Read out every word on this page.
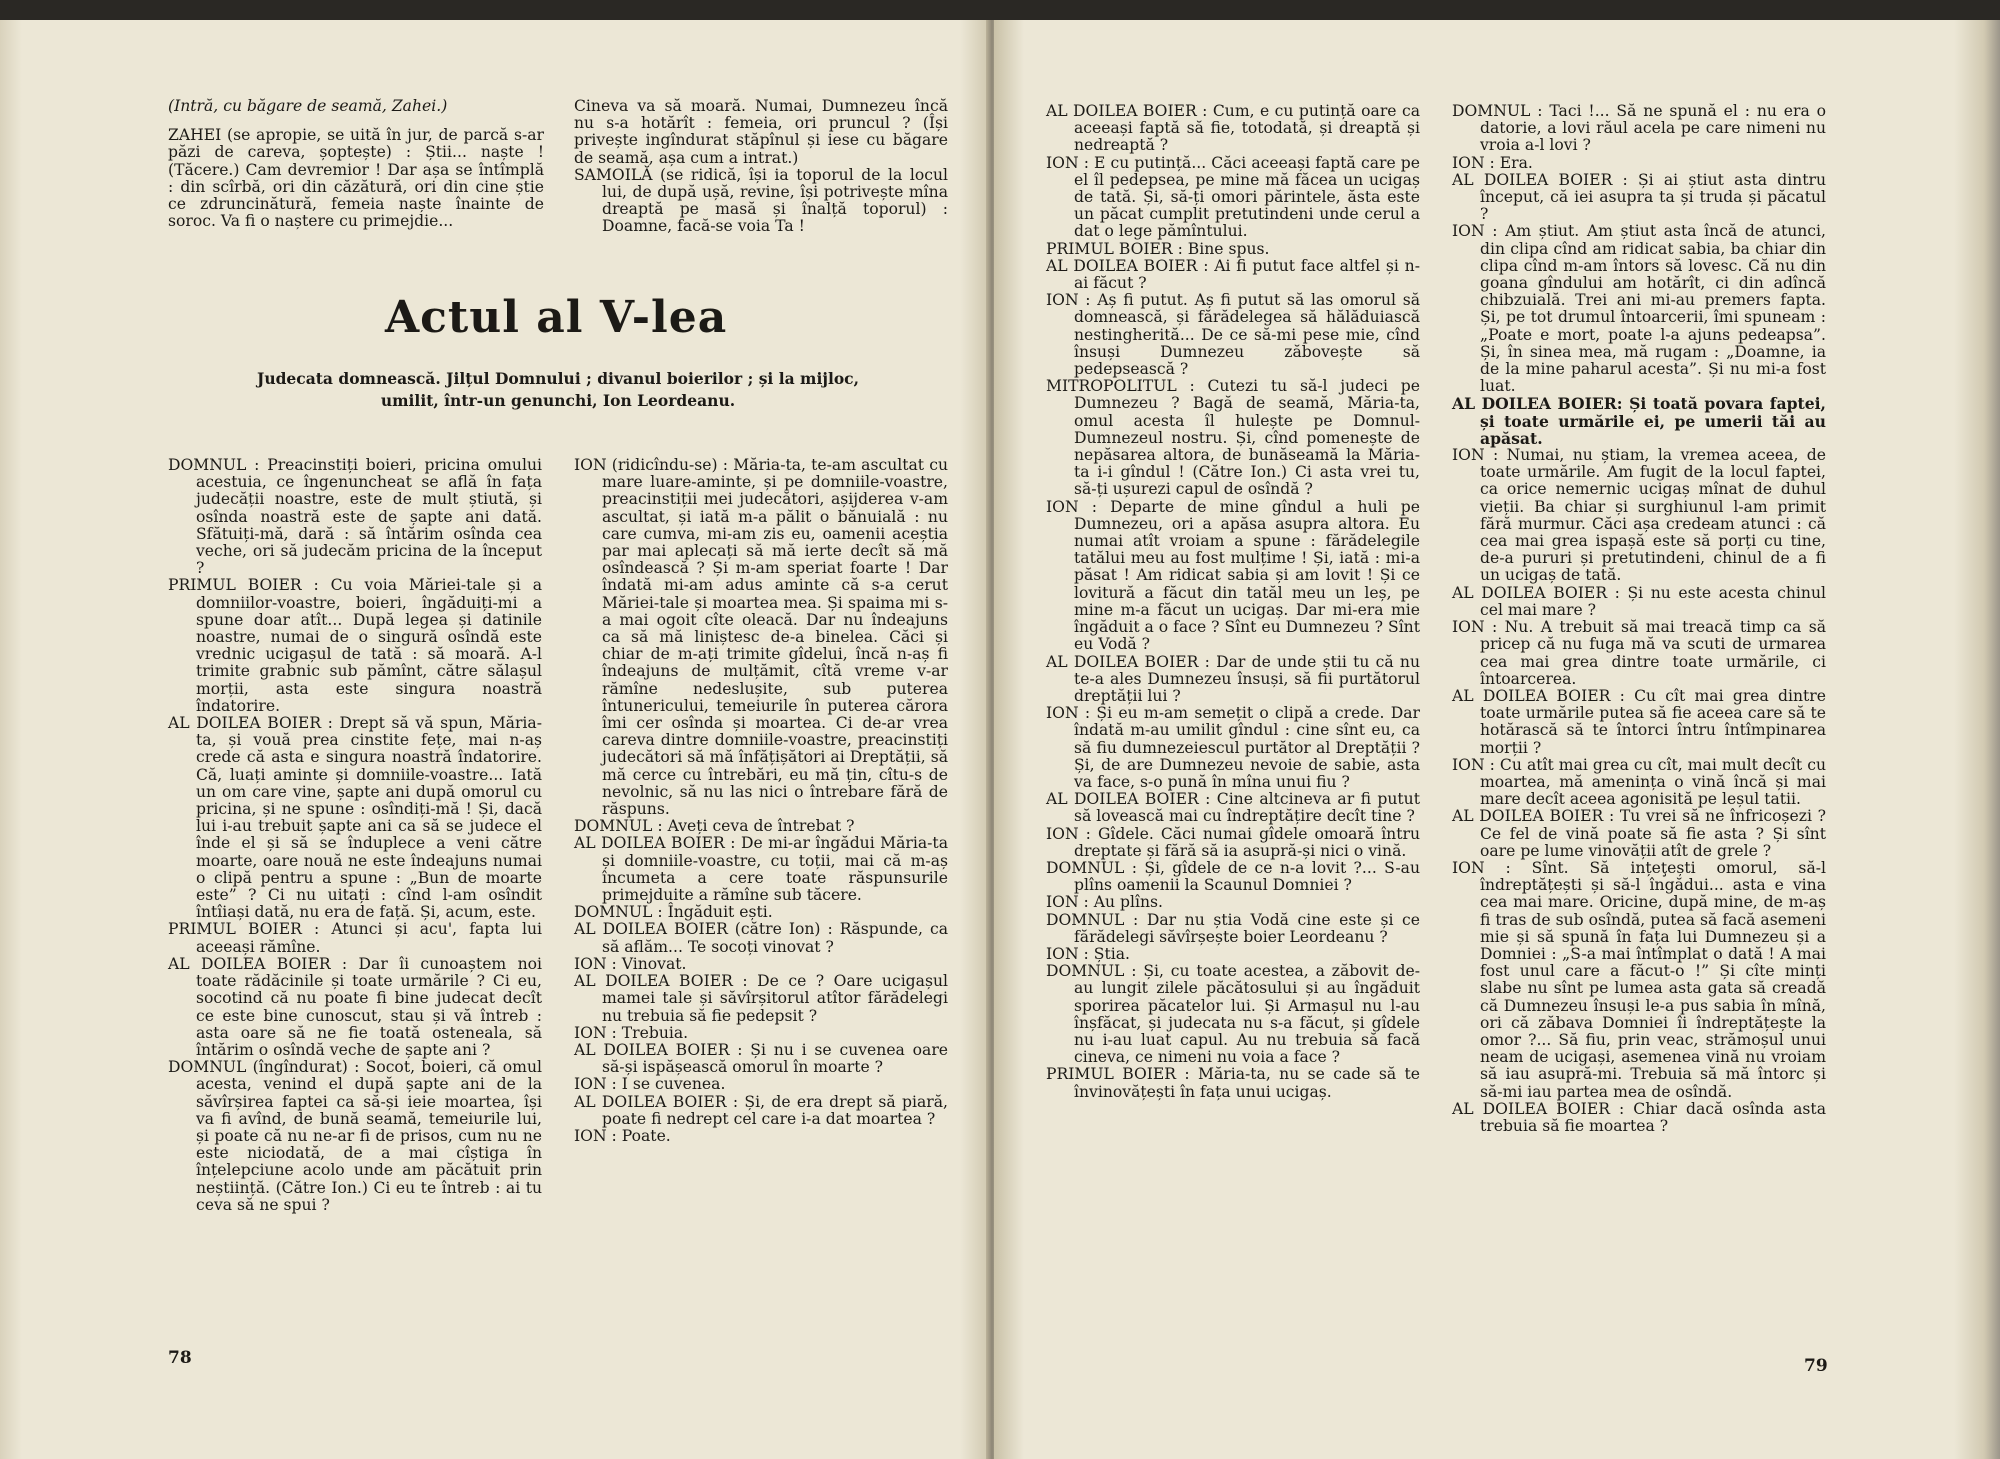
(Intră, cu băgare de seamă, Zahei.)

ZAHEI (se apropie, se uită în jur, de parcă s-ar păzi de careva, șoptește) : Știi... naște ! (Tăcere.) Cam devremior ! Dar așa se întîmplă : din scîrbă, ori din căzătură, ori din cine știe ce zdruncinătură, femeia naște înainte de soroc. Va fi o naștere cu primejdie...

Cineva va să moară. Numai, Dumnezeu încă nu s-a hotărît : femeia, ori pruncul ? (Își privește ingîndurat stăpînul și iese cu băgare de seamă, așa cum a intrat.)

SAMOILĂ (se ridică, își ia toporul de la locul lui, de după ușă, revine, își potrivește mîna dreaptă pe masă și înalță toporul) : Doamne, facă-se voia Ta !

Actul al V-lea
Judecata domnească. Jilțul Domnului ; divanul boierilor ; și la mijloc, umilit, într-un genunchi, Ion Leordeanu.

DOMNUL : Preacinstiți boieri, pricina omului acestuia, ce îngenuncheat se află în fața judecății noastre, este de mult știută, și osînda noastră este de șapte ani dată. Sfătuiți-mă, dară : să întărim osînda cea veche, ori să judecăm pricina de la început ?

PRIMUL BOIER : Cu voia Măriei-tale și a domniilor-voastre, boieri, îngăduiți-mi a spune doar atît... După legea și datinile noastre, numai de o singură osîndă este vrednic ucigașul de tată : să moară. A-l trimite grabnic sub pămînt, către sălașul morții, asta este singura noastră îndatorire.

AL DOILEA BOIER : Drept să vă spun, Măria-ta, și vouă prea cinstite fețe, mai n-aș crede că asta e singura noastră îndatorire. Că, luați aminte și domniile-voastre... Iată un om care vine, șapte ani după omorul cu pricina, și ne spune : osîndiți-mă ! Și, dacă lui i-au trebuit șapte ani ca să se judece el înde el și să se înduplece a veni către moarte, oare nouă ne este îndeajuns numai o clipă pentru a spune : „Bun de moarte este” ? Ci nu uitați : cînd l-am osîndit întîiași dată, nu era de față. Și, acum, este.

PRIMUL BOIER : Atunci și acu', fapta lui aceeași rămîne.

AL DOILEA BOIER : Dar îi cunoaștem noi toate rădăcinile și toate urmările ? Ci eu, socotind că nu poate fi bine judecat decît ce este bine cunoscut, stau și vă întreb : asta oare să ne fie toată osteneala, să întărim o osîndă veche de șapte ani ?

DOMNUL (îngîndurat) : Socot, boieri, că omul acesta, venind el după șapte ani de la săvîrșirea faptei ca să-și ieie moartea, își va fi avînd, de bună seamă, temeiurile lui, și poate că nu ne-ar fi de prisos, cum nu ne este niciodată, de a mai cîștiga în înțelepciune acolo unde am păcătuit prin neștiință. (Către Ion.) Ci eu te întreb : ai tu ceva să ne spui ?

ION (ridicîndu-se) : Măria-ta, te-am ascultat cu mare luare-aminte, și pe domniile-voastre, preacinstiții mei judecători, așijderea v-am ascultat, și iată m-a pălit o bănuială : nu care cumva, mi-am zis eu, oamenii aceștia par mai aplecați să mă ierte decît să mă osîndească ? Și m-am speriat foarte ! Dar îndată mi-am adus aminte că s-a cerut Măriei-tale și moartea mea. Și spaima mi s-a mai ogoit cîte oleacă. Dar nu îndeajuns ca să mă liniștesc de-a binelea. Căci și chiar de m-ați trimite gîdelui, încă n-aș fi îndeajuns de mulțămit, cîtă vreme v-ar rămîne nedeslușite, sub puterea întunericului, temeiurile în puterea cărora îmi cer osînda și moartea. Ci de-ar vrea careva dintre domniile-voastre, preacinstiți judecători să mă înfățișători ai Dreptății, să mă cerce cu întrebări, eu mă țin, cîtu-s de nevolnic, să nu las nici o întrebare fără de răspuns.

DOMNUL : Aveți ceva de întrebat ?

AL DOILEA BOIER : De mi-ar îngădui Măria-ta și domniile-voastre, cu toții, mai că m-aș încumeta a cere toate răspunsurile primejduite a rămîne sub tăcere.

DOMNUL : Îngăduit ești.

AL DOILEA BOIER (către Ion) : Răspunde, ca să aflăm... Te socoți vinovat ?

ION : Vinovat.

AL DOILEA BOIER : De ce ? Oare ucigașul mamei tale și săvîrșitorul atîtor fărădelegi nu trebuia să fie pedepsit ?

ION : Trebuia.

AL DOILEA BOIER : Și nu i se cuvenea oare să-și ispășească omorul în moarte ?

ION : I se cuvenea.

AL DOILEA BOIER : Și, de era drept să piară, poate fi nedrept cel care i-a dat moartea ?

ION : Poate.

78

AL DOILEA BOIER : Cum, e cu putință oare ca aceeași faptă să fie, totodată, și dreaptă și nedreaptă ?

ION : E cu putință... Căci aceeași faptă care pe el îl pedepsea, pe mine mă făcea un ucigaș de tată. Și, să-ți omori părintele, ăsta este un păcat cumplit pretutindeni unde cerul a dat o lege pămîntului.

PRIMUL BOIER : Bine spus.

AL DOILEA BOIER : Ai fi putut face altfel și n-ai făcut ?

ION : Aș fi putut. Aș fi putut să las omorul să domnească, și fărădelegea să hălăduiască nestingherită... De ce să-mi pese mie, cînd însuși Dumnezeu zăbovește să pedepsească ?

MITROPOLITUL : Cutezi tu să-l judeci pe Dumnezeu ? Bagă de seamă, Măria-ta, omul acesta îl hulește pe Domnul-Dumnezeul nostru. Și, cînd pomenește de nepăsarea altora, de bunăseamă la Măria-ta i-i gîndul ! (Către Ion.) Ci asta vrei tu, să-ți ușurezi capul de osîndă ?

ION : Departe de mine gîndul a huli pe Dumnezeu, ori a apăsa asupra altora. Eu numai atît vroiam a spune : fărădelegile tatălui meu au fost mulțime ! Și, iată : mi-a păsat ! Am ridicat sabia și am lovit ! Și ce lovitură a făcut din tatăl meu un leș, pe mine m-a făcut un ucigaș. Dar mi-era mie îngăduit a o face ? Sînt eu Dumnezeu ? Sînt eu Vodă ?

AL DOILEA BOIER : Dar de unde știi tu că nu te-a ales Dumnezeu însuși, să fii purtătorul dreptății lui ?

ION : Și eu m-am semețit o clipă a crede. Dar îndată m-au umilit gîndul : cine sînt eu, ca să fiu dumnezeiescul purtător al Dreptății ? Și, de are Dumnezeu nevoie de sabie, asta va face, s-o pună în mîna unui fiu ?

AL DOILEA BOIER : Cine altcineva ar fi putut să lovească mai cu îndreptățire decît tine ?

ION : Gîdele. Căci numai gîdele omoară întru dreptate și fără să ia asupră-și nici o vină.

DOMNUL : Și, gîdele de ce n-a lovit ?... S-au plîns oamenii la Scaunul Domniei ?

ION : Au plîns.

DOMNUL : Dar nu știa Vodă cine este și ce fărădelegi săvîrșește boier Leordeanu ?

ION : Știa.

DOMNUL : Și, cu toate acestea, a zăbovit de-au lungit zilele păcătosului și au îngăduit sporirea păcatelor lui. Și Armașul nu l-au înșfăcat, și judecata nu s-a făcut, și gîdele nu i-au luat capul. Au nu trebuia să facă cineva, ce nimeni nu voia a face ?

PRIMUL BOIER : Măria-ta, nu se cade să te învinovățești în fața unui ucigaș.

DOMNUL : Taci !... Să ne spună el : nu era o datorie, a lovi răul acela pe care nimeni nu vroia a-l lovi ?

ION : Era.

AL DOILEA BOIER : Și ai știut asta dintru început, că iei asupra ta și truda și păcatul ?

ION : Am știut. Am știut asta încă de atunci, din clipa cînd am ridicat sabia, ba chiar din clipa cînd m-am întors să lovesc. Că nu din goana gîndului am hotărît, ci din adîncă chibzuială. Trei ani mi-au premers fapta. Și, pe tot drumul întoarcerii, îmi spuneam : „Poate e mort, poate l-a ajuns pedeapsa”. Și, în sinea mea, mă rugam : „Doamne, ia de la mine paharul acesta”. Și nu mi-a fost luat.

AL DOILEA BOIER: Și toată povara faptei, și toate urmările ei, pe umerii tăi au apăsat.

ION : Numai, nu știam, la vremea aceea, de toate urmările. Am fugit de la locul faptei, ca orice nemernic ucigaș mînat de duhul vieții. Ba chiar și surghiunul l-am primit fără murmur. Căci așa credeam atunci : că cea mai grea ispașă este să porți cu tine, de-a pururi și pretutindeni, chinul de a fi un ucigaș de tată.

AL DOILEA BOIER : Și nu este acesta chinul cel mai mare ?

ION : Nu. A trebuit să mai treacă timp ca să pricep că nu fuga mă va scuti de urmarea cea mai grea dintre toate urmările, ci întoarcerea.

AL DOILEA BOIER : Cu cît mai grea dintre toate urmările putea să fie aceea care să te hotărască să te întorci întru întîmpinarea morții ?

ION : Cu atît mai grea cu cît, mai mult decît cu moartea, mă amenința o vină încă și mai mare decît aceea agonisită pe leșul tatii.

AL DOILEA BOIER : Tu vrei să ne înfricoșezi ? Ce fel de vină poate să fie asta ? Și sînt oare pe lume vinovății atît de grele ?

ION : Sînt. Să ințeţești omorul, să-l îndreptățești și să-l îngădui... asta e vina cea mai mare. Oricine, după mine, de m-aș fi tras de sub osîndă, putea să facă asemeni mie și să spună în fața lui Dumnezeu și a Domniei : „S-a mai întîmplat o dată ! A mai fost unul care a făcut-o !” Și cîte minți slabe nu sînt pe lumea asta gata să creadă că Dumnezeu însuși le-a pus sabia în mînă, ori că zăbava Domniei îi îndreptățește la omor ?... Să fiu, prin veac, strămoșul unui neam de ucigași, asemenea vină nu vroiam să iau asupră-mi. Trebuia să mă întorc și să-mi iau partea mea de osîndă.

AL DOILEA BOIER : Chiar dacă osînda asta trebuia să fie moartea ?

79
